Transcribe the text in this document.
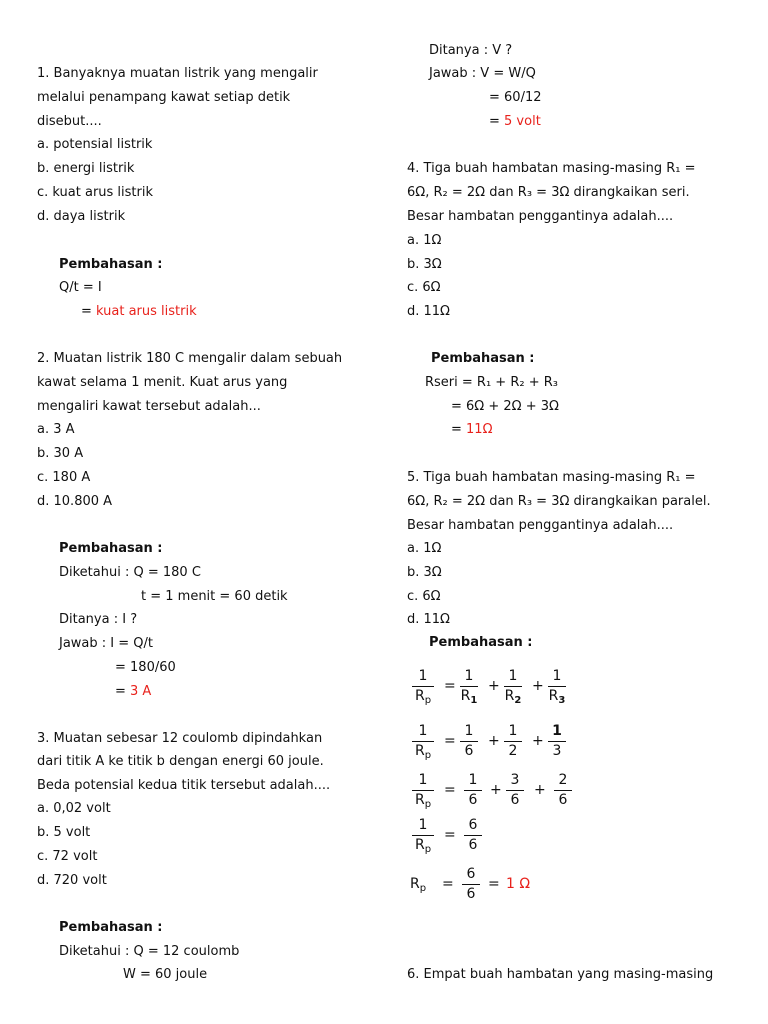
1. Banyaknya muatan listrik yang mengalir
melalui penampang kawat setiap detik
disebut....
a. potensial listrik
b. energi listrik
c. kuat arus listrik
d. daya listrik
Pembahasan :
Q/t = I
= kuat arus listrik
2. Muatan listrik 180 C mengalir dalam sebuah
kawat selama 1 menit. Kuat arus yang
mengaliri kawat tersebut adalah...
a. 3 A
b. 30 A
c. 180 A
d. 10.800 A
Pembahasan :
Diketahui : Q = 180 C
t = 1 menit = 60 detik
Ditanya : I ?
Jawab : I = Q/t
= 180/60
= 3 A
3. Muatan sebesar 12 coulomb dipindahkan
dari titik A ke titik b dengan energi 60 joule.
Beda potensial kedua titik tersebut adalah....
a. 0,02 volt
b. 5 volt
c. 72 volt
d. 720 volt
Pembahasan :
Diketahui : Q = 12 coulomb
W = 60 joule
Ditanya : V ?
Jawab : V = W/Q
= 60/12
= 5 volt
4. Tiga buah hambatan masing-masing R₁ =
6Ω, R₂ = 2Ω dan R₃ = 3Ω dirangkaikan seri.
Besar hambatan penggantinya adalah....
a. 1Ω
b. 3Ω
c. 6Ω
d. 11Ω
Pembahasan :
Rseri = R₁ + R₂ + R₃
= 6Ω + 2Ω + 3Ω
= 11Ω
5. Tiga buah hambatan masing-masing R₁ =
6Ω, R₂ = 2Ω dan R₃ = 3Ω dirangkaikan paralel.
Besar hambatan penggantinya adalah....
a. 1Ω
b. 3Ω
c. 6Ω
d. 11Ω
Pembahasan :
1
$R_p$
=
1
$R_1$
+
1
$R_2$
+
1
$R_3$
1
$R_p$
=
1
6
+
1
2
+
1
3
1
$R_p$
=
1
6
+
3
6
+
2
6
1
$R_p$
=
6
6
$R_p$ =
6
6
= 1 Ω
6. Empat buah hambatan yang masing-masing
